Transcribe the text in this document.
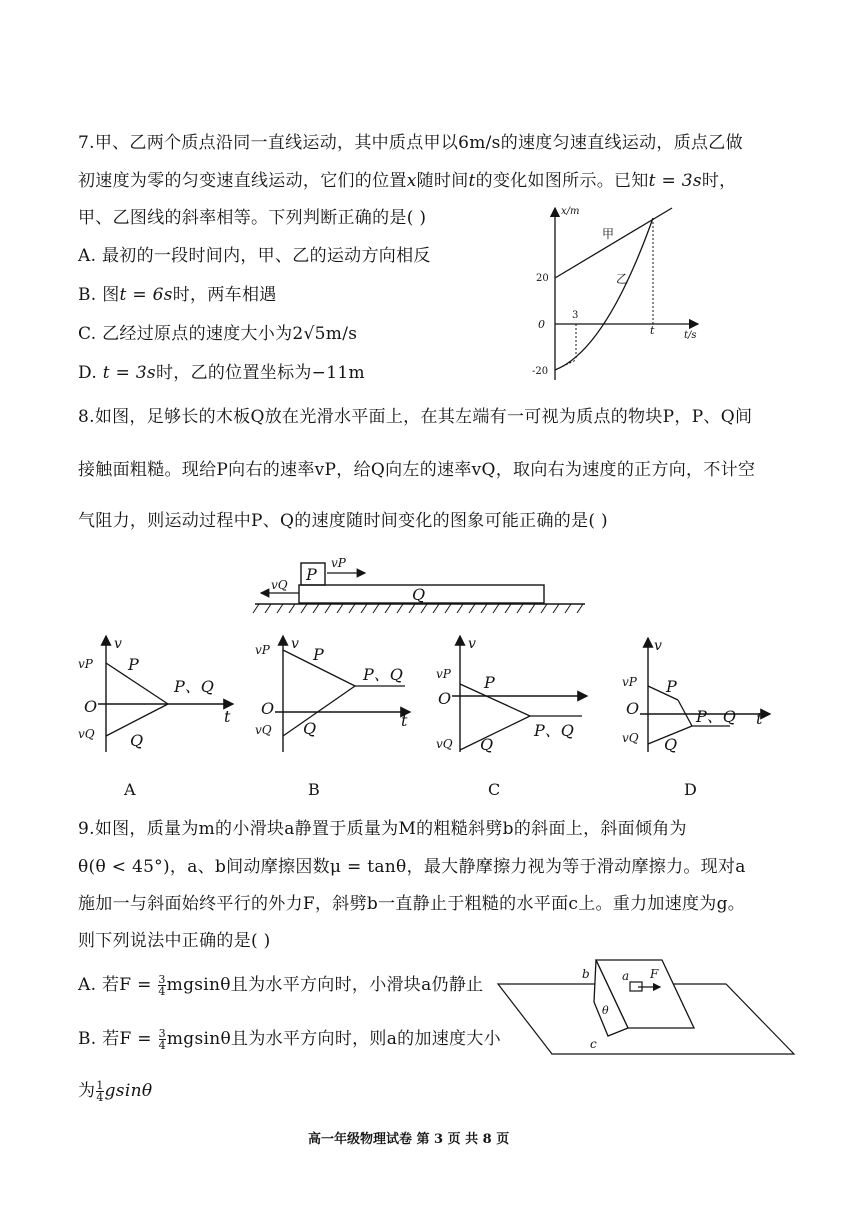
7.甲、乙两个质点沿同一直线运动，其中质点甲以6m/s的速度匀速直线运动，质点乙做
初速度为零的匀变速直线运动，它们的位置x随时间t的变化如图所示。已知t = 3s时，
甲、乙图线的斜率相等。下列判断正确的是( )
A. 最初的一段时间内，甲、乙的运动方向相反
B. 图t = 6s时，两车相遇
C. 乙经过原点的速度大小为2√5m/s
D. t = 3s时，乙的位置坐标为−11m
x/m
t/s
20
-20
0
3
t
甲
乙
8.如图，足够长的木板Q放在光滑水平面上，在其左端有一可视为质点的物块P，P、Q间
接触面粗糙。现给P向右的速率vP，给Q向左的速率vQ，取向右为速度的正方向，不计空
气阻力，则运动过程中P、Q的速度随时间变化的图象可能正确的是( )
P
vP
Q
vQ
v
t
O
vP
vQ
P
Q
P、Q
A
v
t
O
vP
vQ
P
Q
P、Q
B
v
O
vP
vQ
P
Q
P、Q
C
v
t
O
vP
vQ
P
Q
P、Q
D
9.如图，质量为m的小滑块a静置于质量为M的粗糙斜劈b的斜面上，斜面倾角为
θ(θ < 45°)，a、b间动摩擦因数μ = tanθ，最大静摩擦力视为等于滑动摩擦力。现对a
施加一与斜面始终平行的外力F，斜劈b一直静止于粗糙的水平面c上。重力加速度为g。
则下列说法中正确的是( )
A. 若$F = \frac{3}{4}$ mgsinθ且为水平方向时，小滑块a仍静止
B. 若$F = \frac{3}{4}$ mgsinθ且为水平方向时，则a的加速度大小
为 $\frac{1}{4}$ gsinθ
c
b
θ
a F
高一年级物理试卷 第 3 页 共 8 页
